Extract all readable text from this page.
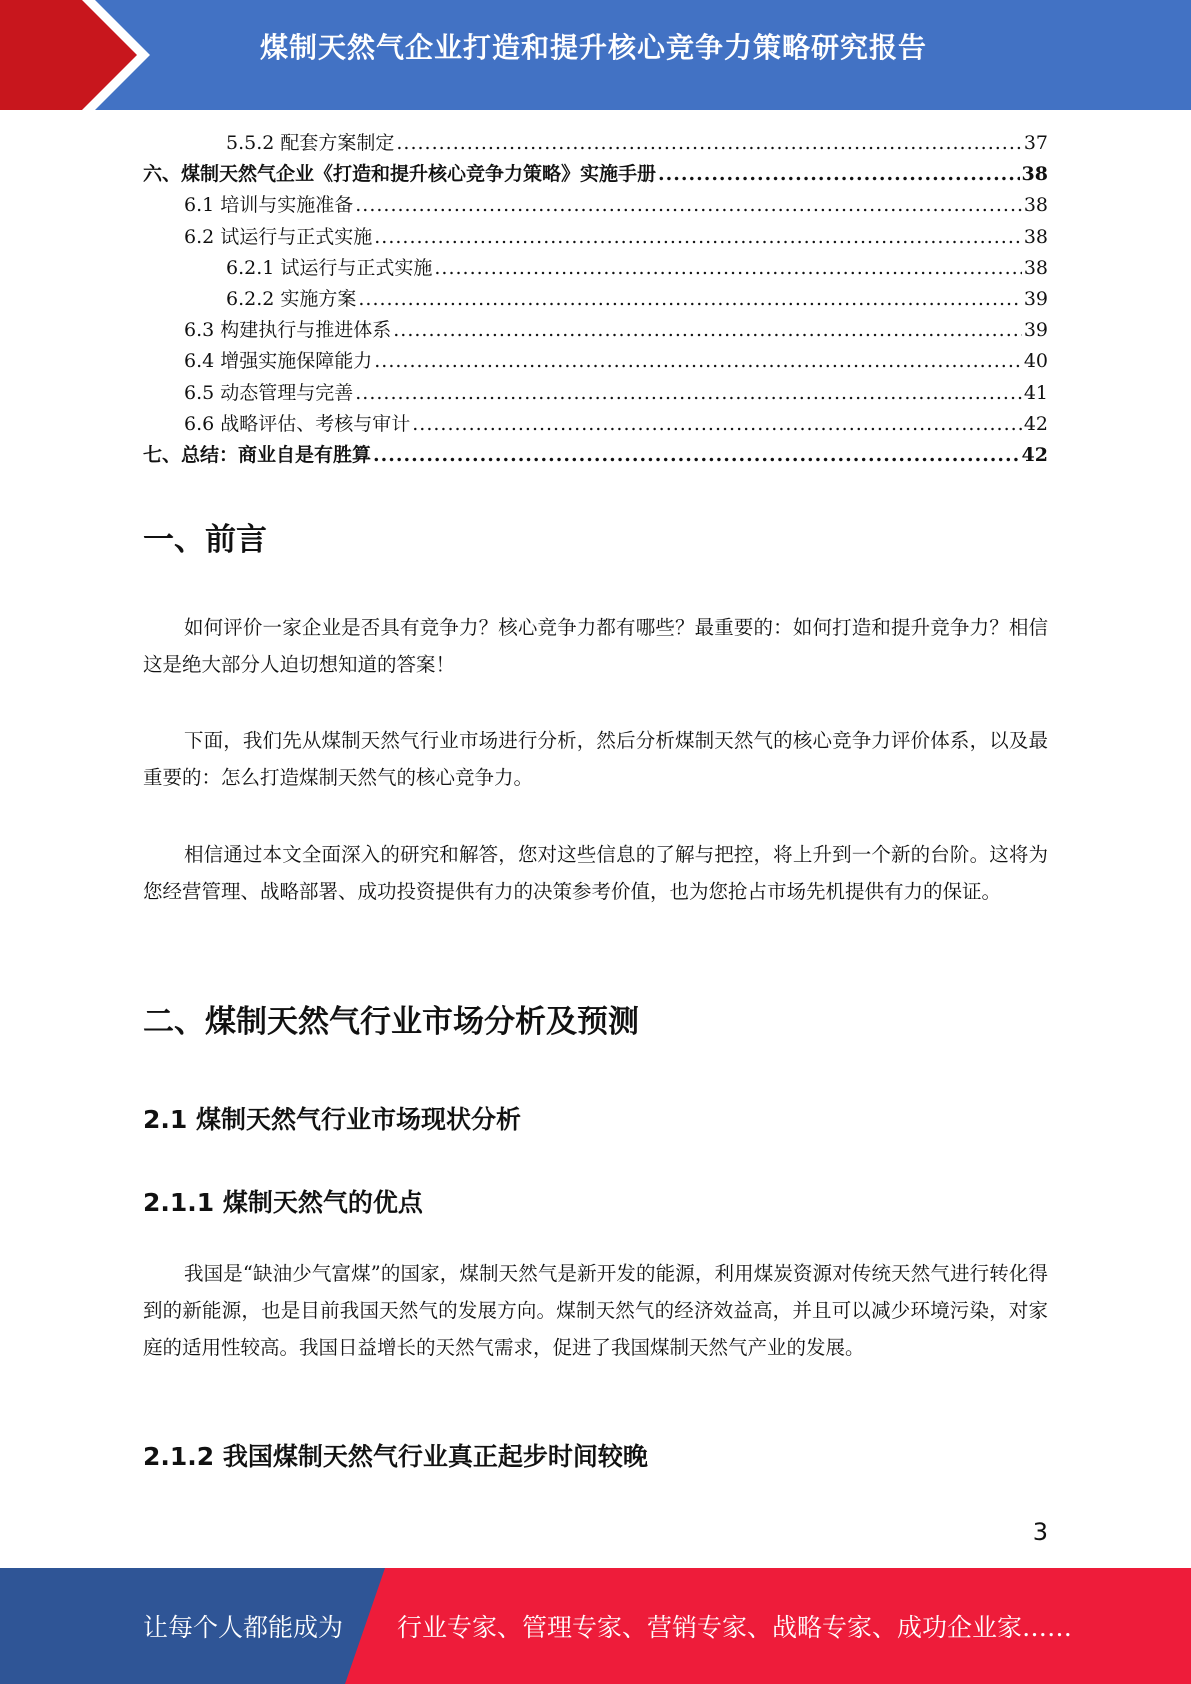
煤制天然气企业打造和提升核心竞争力策略研究报告
5.5.2 配套方案制定 .....	37
六、煤制天然气企业《打造和提升核心竞争力策略》实施手册 .....	38
6.1 培训与实施准备 .....	38
6.2 试运行与正式实施 .....	38
6.2.1 试运行与正式实施 .....	38
6.2.2 实施方案 .....	39
6.3 构建执行与推进体系 .....	39
6.4 增强实施保障能力 .....	40
6.5 动态管理与完善 .....	41
6.6 战略评估、考核与审计 .....	42
七、总结：商业自是有胜算 .....	42
一、前言

如何评价一家企业是否具有竞争力？核心竞争力都有哪些？最重要的：如何打造和提升竞争力？相信这是绝大部分人迫切想知道的答案！

下面，我们先从煤制天然气行业市场进行分析，然后分析煤制天然气的核心竞争力评价体系，以及最重要的：怎么打造煤制天然气的核心竞争力。

相信通过本文全面深入的研究和解答，您对这些信息的了解与把控，将上升到一个新的台阶。这将为您经营管理、战略部署、成功投资提供有力的决策参考价值，也为您抢占市场先机提供有力的保证。

二、煤制天然气行业市场分析及预测
2.1 煤制天然气行业市场现状分析
2.1.1 煤制天然气的优点

我国是“缺油少气富煤”的国家，煤制天然气是新开发的能源，利用煤炭资源对传统天然气进行转化得到的新能源，也是目前我国天然气的发展方向。煤制天然气的经济效益高，并且可以减少环境污染，对家庭的适用性较高。我国日益增长的天然气需求，促进了我国煤制天然气产业的发展。

2.1.2 我国煤制天然气行业真正起步时间较晚
3
让每个人都能成为 行业专家、管理专家、营销专家、战略专家、成功企业家……
